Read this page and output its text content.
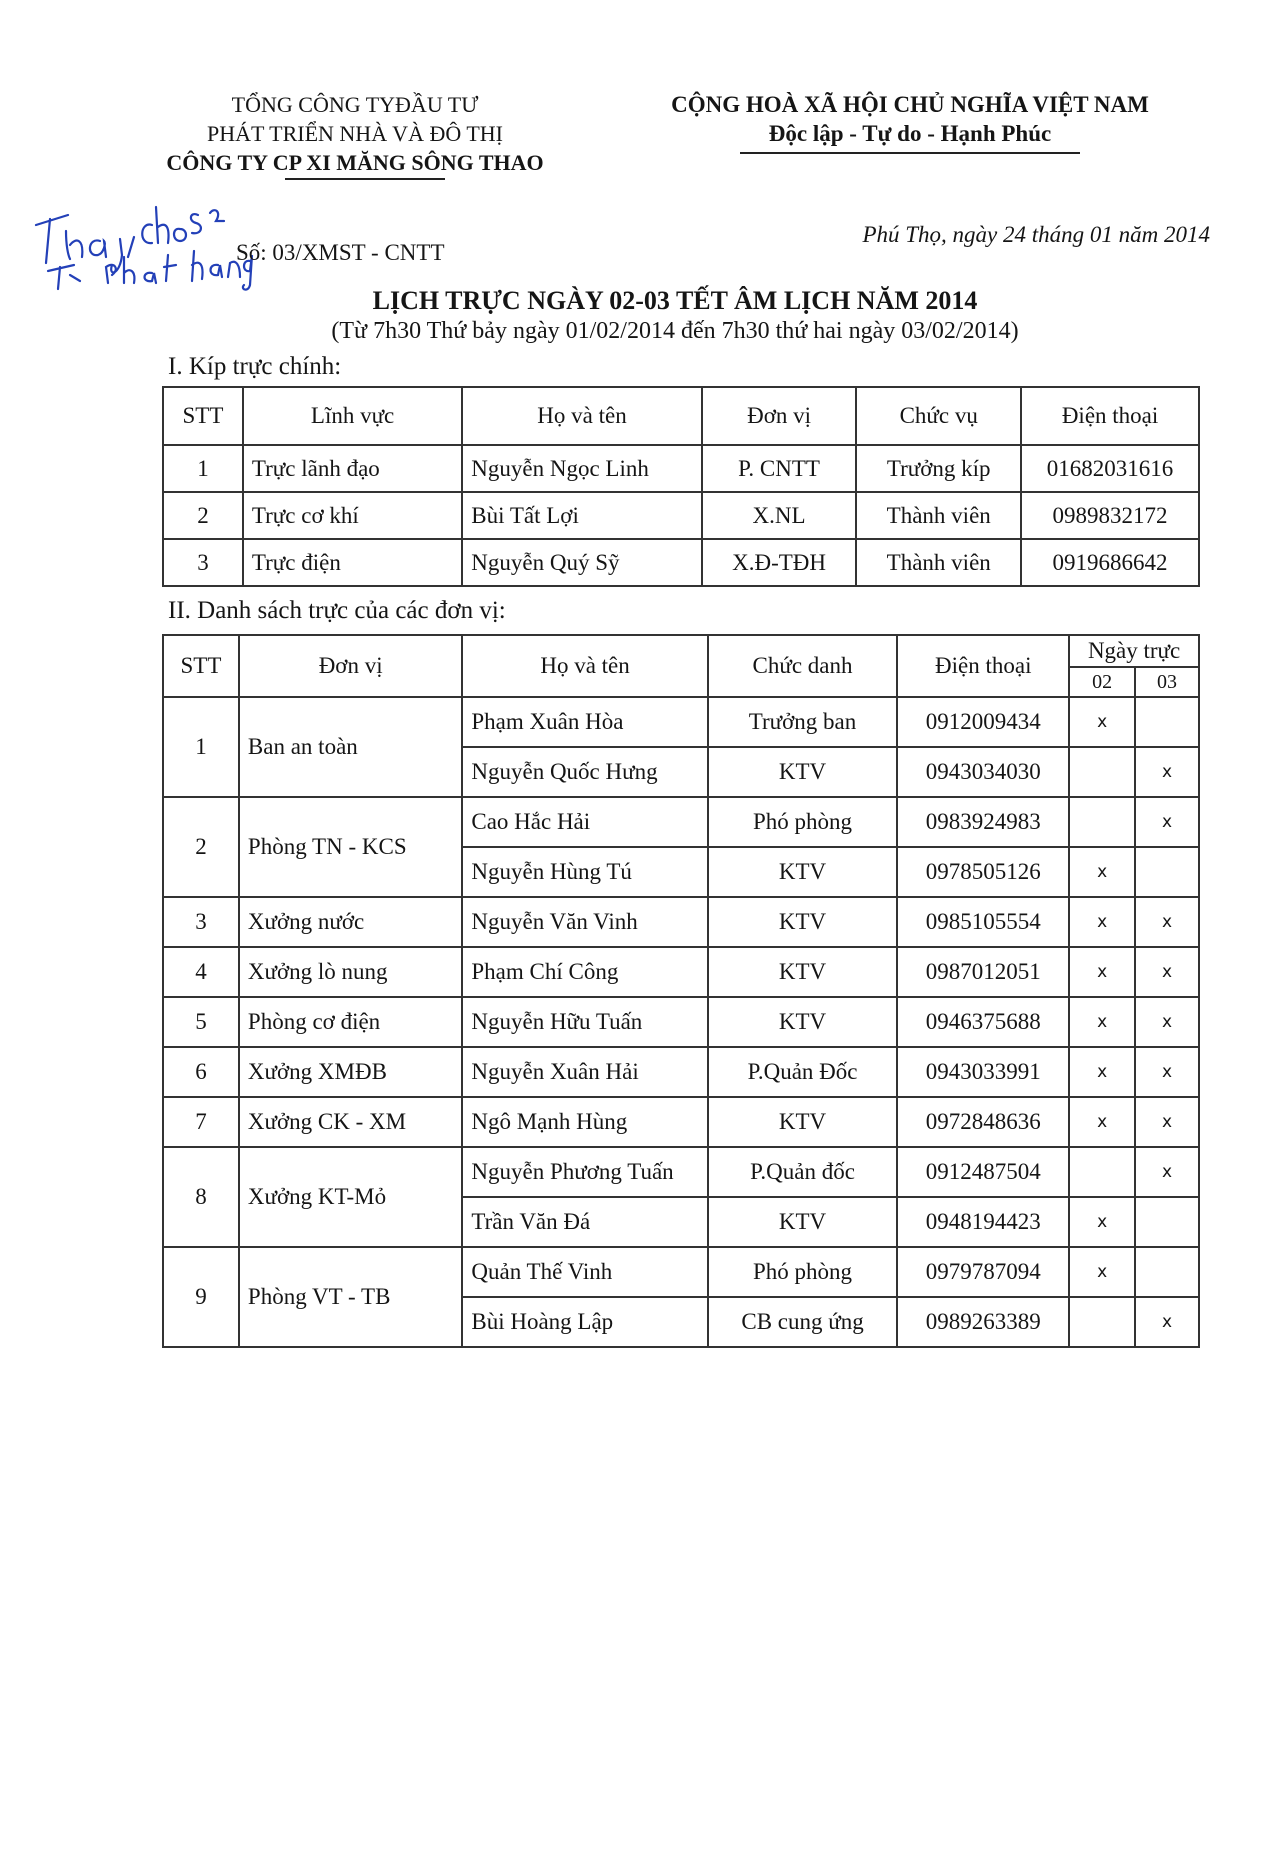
TỔNG CÔNG TYĐẦU TƯ
PHÁT TRIỂN NHÀ VÀ ĐÔ THỊ
CÔNG TY CP XI MĂNG SÔNG THAO
CỘNG HOÀ XÃ HỘI CHỦ NGHĨA VIỆT NAM
Độc lập - Tự do - Hạnh Phúc
Thay cho số 03 đã phát hành
Số: 03/XMST - CNTT
Phú Thọ, ngày 24 tháng 01 năm 2014
LỊCH TRỰC NGÀY 02-03 TẾT ÂM LỊCH NĂM 2014
(Từ 7h30 Thứ bảy ngày 01/02/2014 đến 7h30 thứ hai ngày 03/02/2014)
I. Kíp trực chính:
STT	Lĩnh vực	Họ và tên	Đơn vị	Chức vụ	Điện thoại
1	Trực lãnh đạo	Nguyễn Ngọc Linh	P. CNTT	Trưởng kíp	01682031616
2	Trực cơ khí	Bùi Tất Lợi	X.NL	Thành viên	0989832172
3	Trực điện	Nguyễn Quý Sỹ	X.Đ-TĐH	Thành viên	0919686642
II. Danh sách trực của các đơn vị:
STT	Đơn vị	Họ và tên	Chức danh	Điện thoại	Ngày trực	
					02	03
1	Ban an toàn	Phạm Xuân Hòa	Trưởng ban	0912009434	x	
		Nguyễn Quốc Hưng	KTV	0943034030		x
2	Phòng TN - KCS	Cao Hắc Hải	Phó phòng	0983924983		x
		Nguyễn Hùng Tú	KTV	0978505126	x	
3	Xưởng nước	Nguyễn Văn Vinh	KTV	0985105554	x	x
4	Xưởng lò nung	Phạm Chí Công	KTV	0987012051	x	x
5	Phòng cơ điện	Nguyễn Hữu Tuấn	KTV	0946375688	x	x
6	Xưởng XMĐB	Nguyễn Xuân Hải	P.Quản Đốc	0943033991	x	x
7	Xưởng CK - XM	Ngô Mạnh Hùng	KTV	0972848636	x	x
8	Xưởng KT-Mỏ	Nguyễn Phương Tuấn	P.Quản đốc	0912487504		x
		Trần Văn Đá	KTV	0948194423	x	
9	Phòng VT - TB	Quản Thế Vinh	Phó phòng	0979787094	x	
		Bùi Hoàng Lập	CB cung ứng	0989263389		x
